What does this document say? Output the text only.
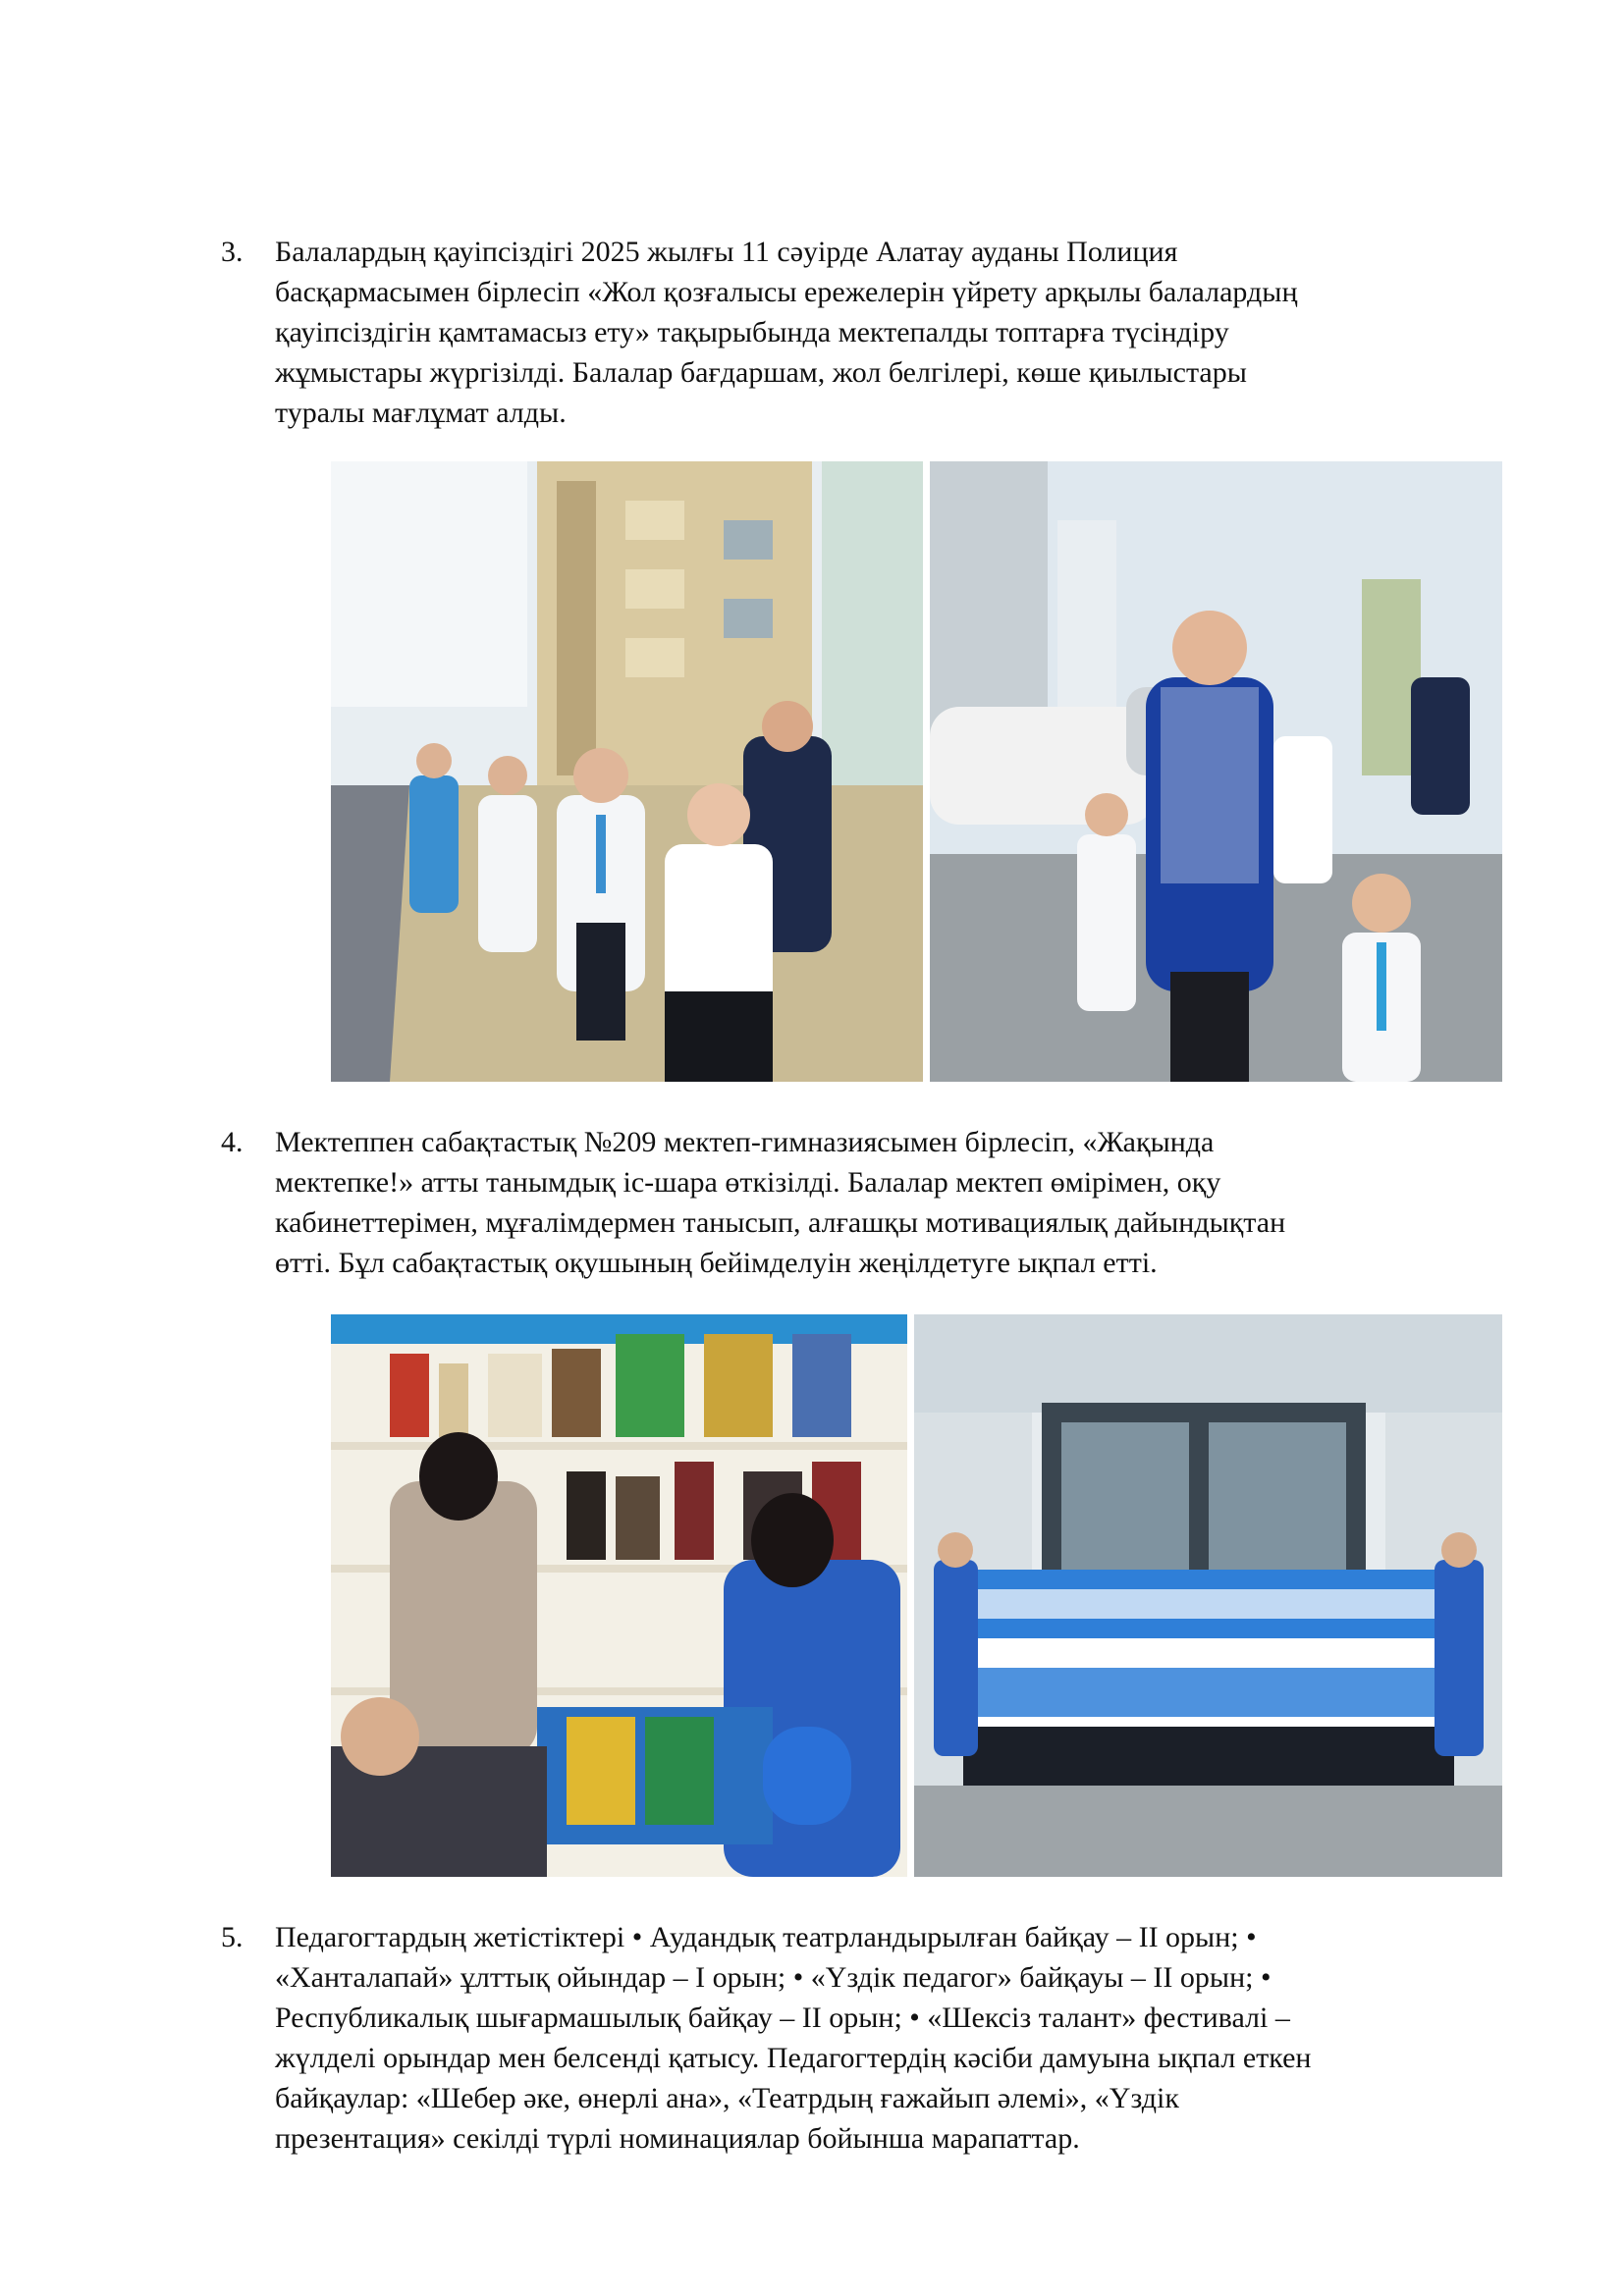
3. Балалардың қауіпсіздігі 2025 жылғы 11 сәуірде Алатау ауданы Полиция
басқармасымен бірлесіп «Жол қозғалысы ережелерін үйрету арқылы балалардың
қауіпсіздігін қамтамасыз ету» тақырыбында мектепалды топтарға түсіндіру
жұмыстары жүргізілді. Балалар бағдаршам, жол белгілері, көше қиылыстары
туралы мағлұмат алды.

4. Мектеппен сабақтастық №209 мектеп-гимназиясымен бірлесіп, «Жақында
мектепке!» атты танымдық іс-шара өткізілді. Балалар мектеп өмірімен, оқу
кабинеттерімен, мұғалімдермен танысып, алғашқы мотивациялық дайындықтан
өтті. Бұл сабақтастық оқушының бейімделуін жеңілдетуге ықпал етті.

5. Педагогтардың жетістіктері • Аудандық театрландырылған байқау – ІІ орын; •
«Ханталапай» ұлттық ойындар – І орын; • «Үздік педагог» байқауы – ІІ орын; •
Республикалық шығармашылық байқау – ІІ орын; • «Шексіз талант» фестивалі –
жүлделі орындар мен белсенді қатысу. Педагогтердің кәсіби дамуына ықпал еткен
байқаулар: «Шебер әке, өнерлі ана», «Театрдың ғажайып әлемі», «Үздік
презентация» секілді түрлі номинациялар бойынша марапаттар.
